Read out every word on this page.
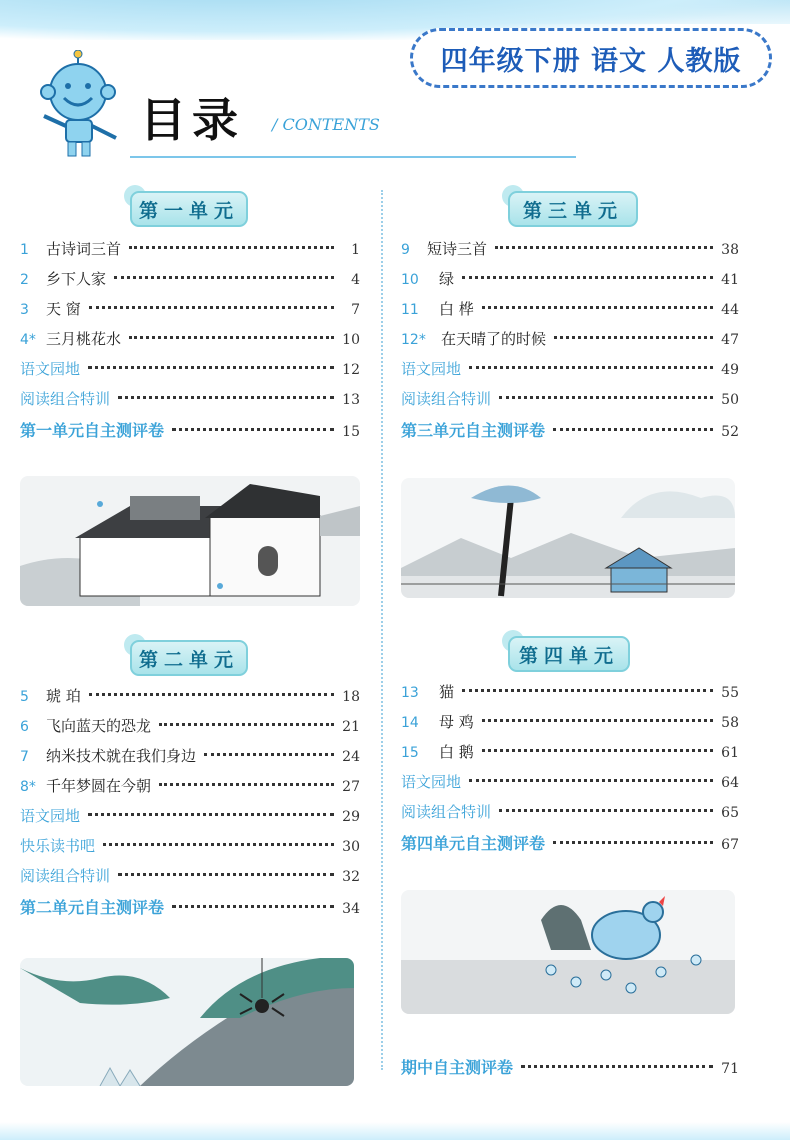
四年级下册 语文 人教版
目录 / CONTENTS
第一单元
1	古诗词三首	1
2	乡下人家	4
3	天 窗	7
4* 三月桃花水	10
语文园地	12
阅读组合特训	13
第一单元自主测评卷	15
第二单元
5	琥 珀	18
6	飞向蓝天的恐龙	21
7	纳米技术就在我们身边	24
8* 千年梦圆在今朝	27
语文园地	29
快乐读书吧	30
阅读组合特训	32
第二单元自主测评卷	34
第三单元
9	短诗三首	38
10	绿	41
11	白 桦	44
12*	在天晴了的时候	47
语文园地	49
阅读组合特训	50
第三单元自主测评卷	52
第四单元
13	猫	55
14	母 鸡	58
15	白 鹅	61
语文园地	64
阅读组合特训	65
第四单元自主测评卷	67
期中自主测评卷	71
